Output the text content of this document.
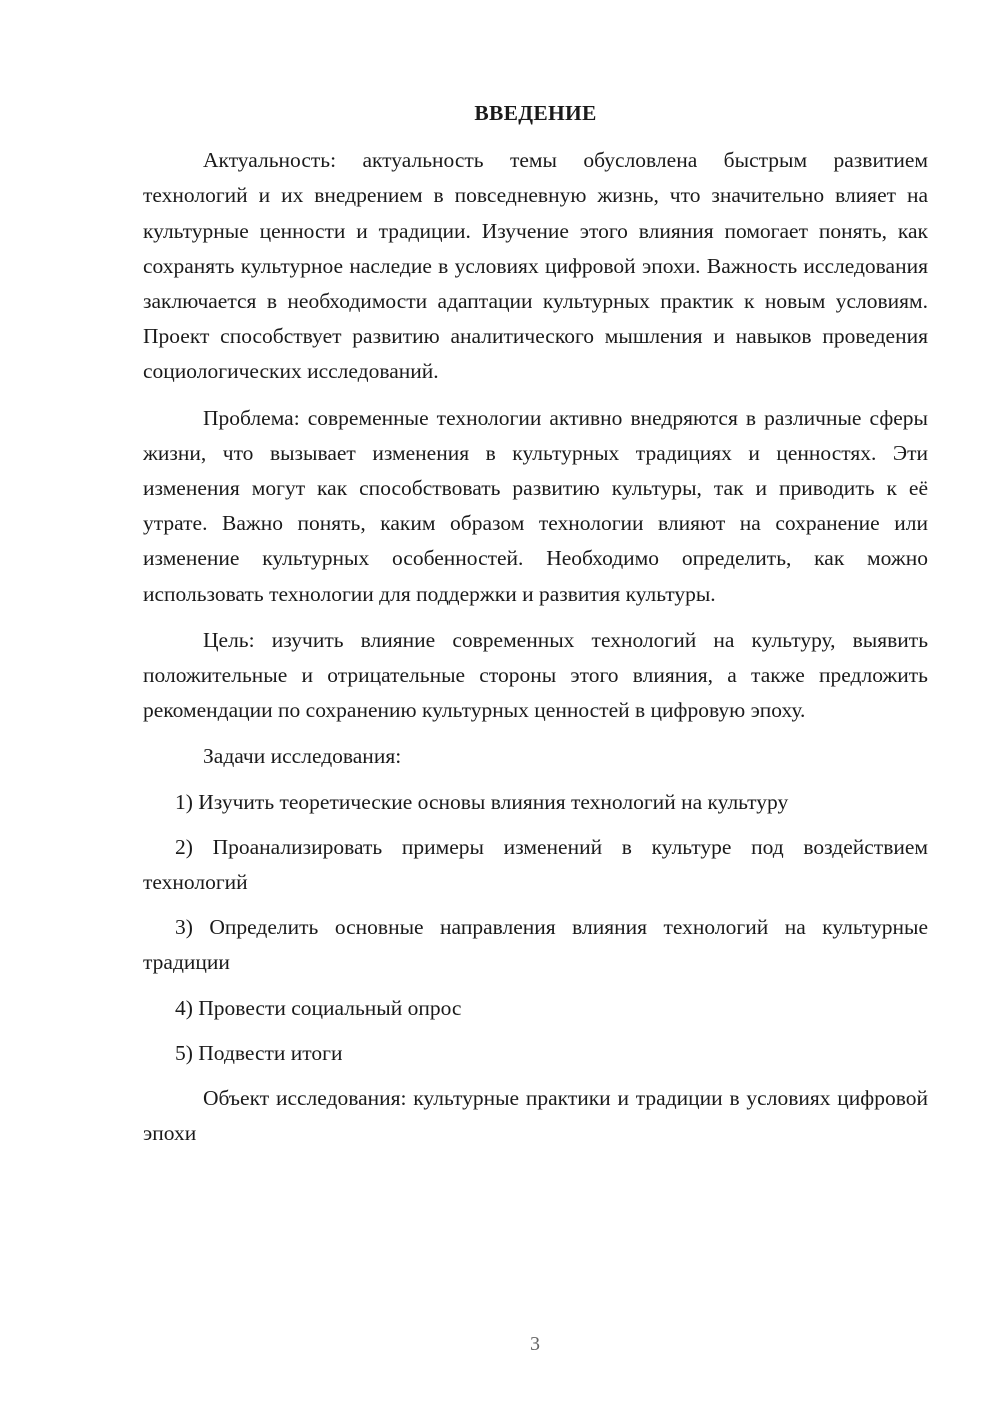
ВВЕДЕНИЕ

Актуальность: актуальность темы обусловлена быстрым развитием технологий и их внедрением в повседневную жизнь, что значительно влияет на культурные ценности и традиции. Изучение этого влияния помогает понять, как сохранять культурное наследие в условиях цифровой эпохи. Важность исследования заключается в необходимости адаптации культурных практик к новым условиям. Проект способствует развитию аналитического мышления и навыков проведения социологических исследований.

Проблема: современные технологии активно внедряются в различные сферы жизни, что вызывает изменения в культурных традициях и ценностях. Эти изменения могут как способствовать развитию культуры, так и приводить к её утрате. Важно понять, каким образом технологии влияют на сохранение или изменение культурных особенностей. Необходимо определить, как можно использовать технологии для поддержки и развития культуры.

Цель: изучить влияние современных технологий на культуру, выявить положительные и отрицательные стороны этого влияния, а также предложить рекомендации по сохранению культурных ценностей в цифровую эпоху.

Задачи исследования:

1) Изучить теоретические основы влияния технологий на культуру

2) Проанализировать примеры изменений в культуре под воздействием технологий

3) Определить основные направления влияния технологий на культурные традиции

4) Провести социальный опрос

5) Подвести итоги

Объект исследования: культурные практики и традиции в условиях цифровой эпохи

3
